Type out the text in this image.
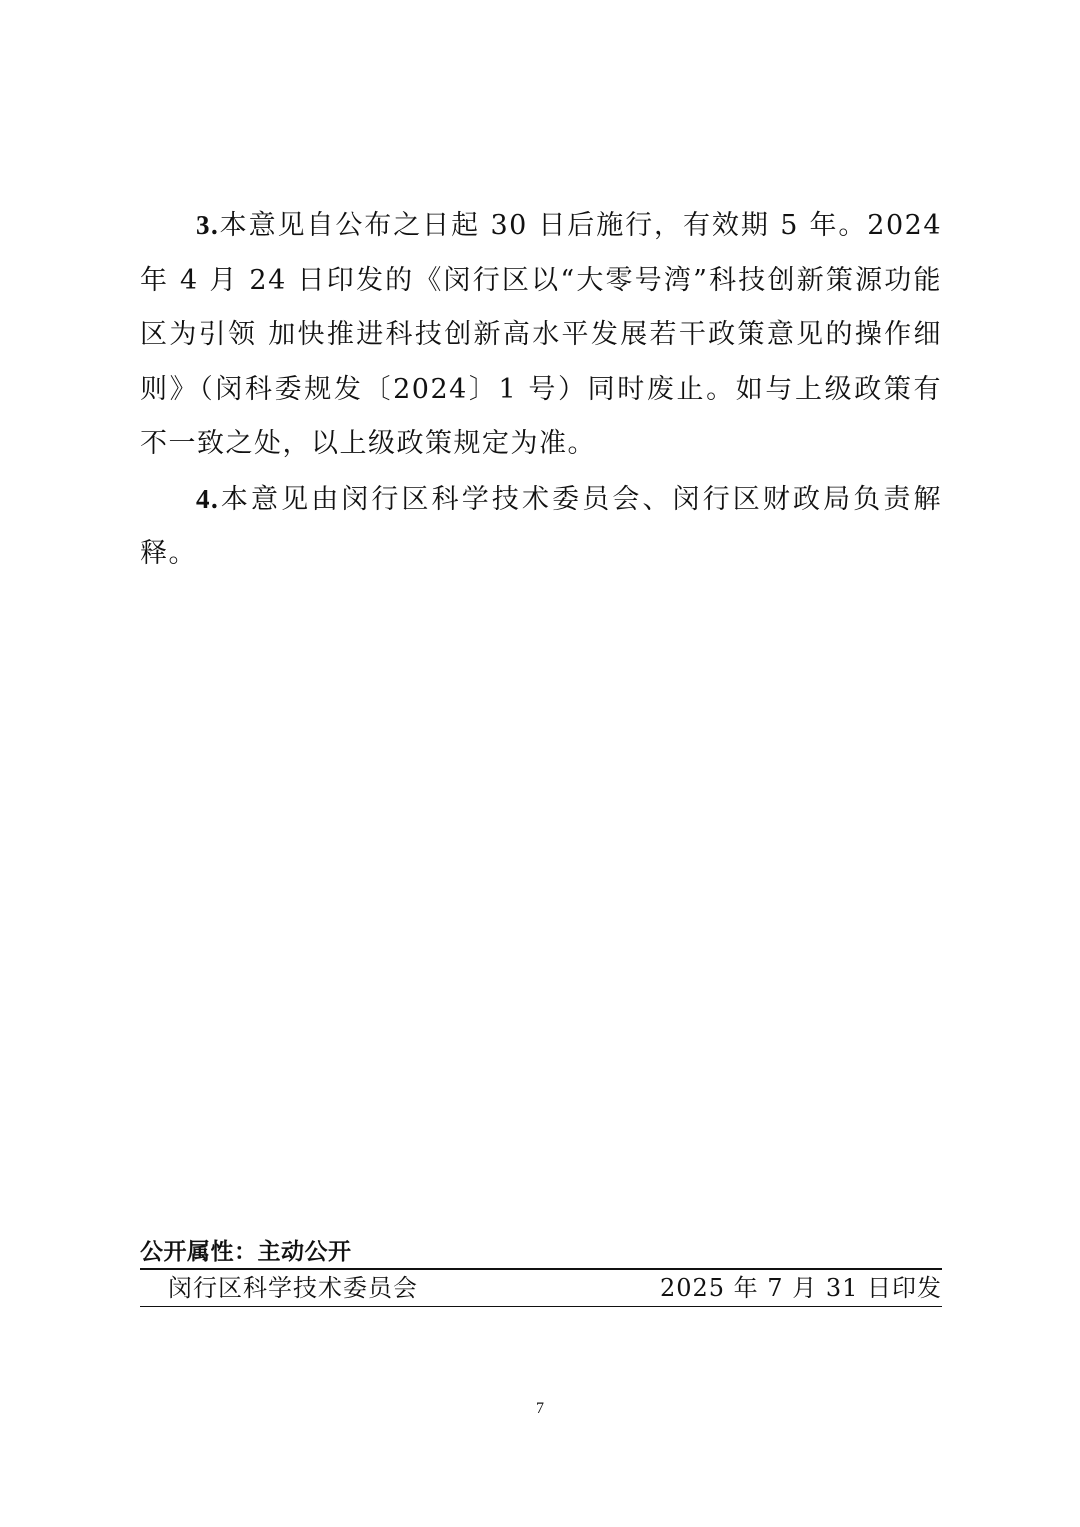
3.本意见自公布之日起 30 日后施行，有效期 5 年。2024 年 4 月 24 日印发的《闵行区以“大零号湾”科技创新策源功能区为引领 加快推进科技创新高水平发展若干政策意见的操作细则》（闵科委规发〔2024〕1 号）同时废止。如与上级政策有不一致之处，以上级政策规定为准。

4.本意见由闵行区科学技术委员会、闵行区财政局负责解释。

公开属性：主动公开
闵行区科学技术委员会	2025 年 7 月 31 日印发
7
